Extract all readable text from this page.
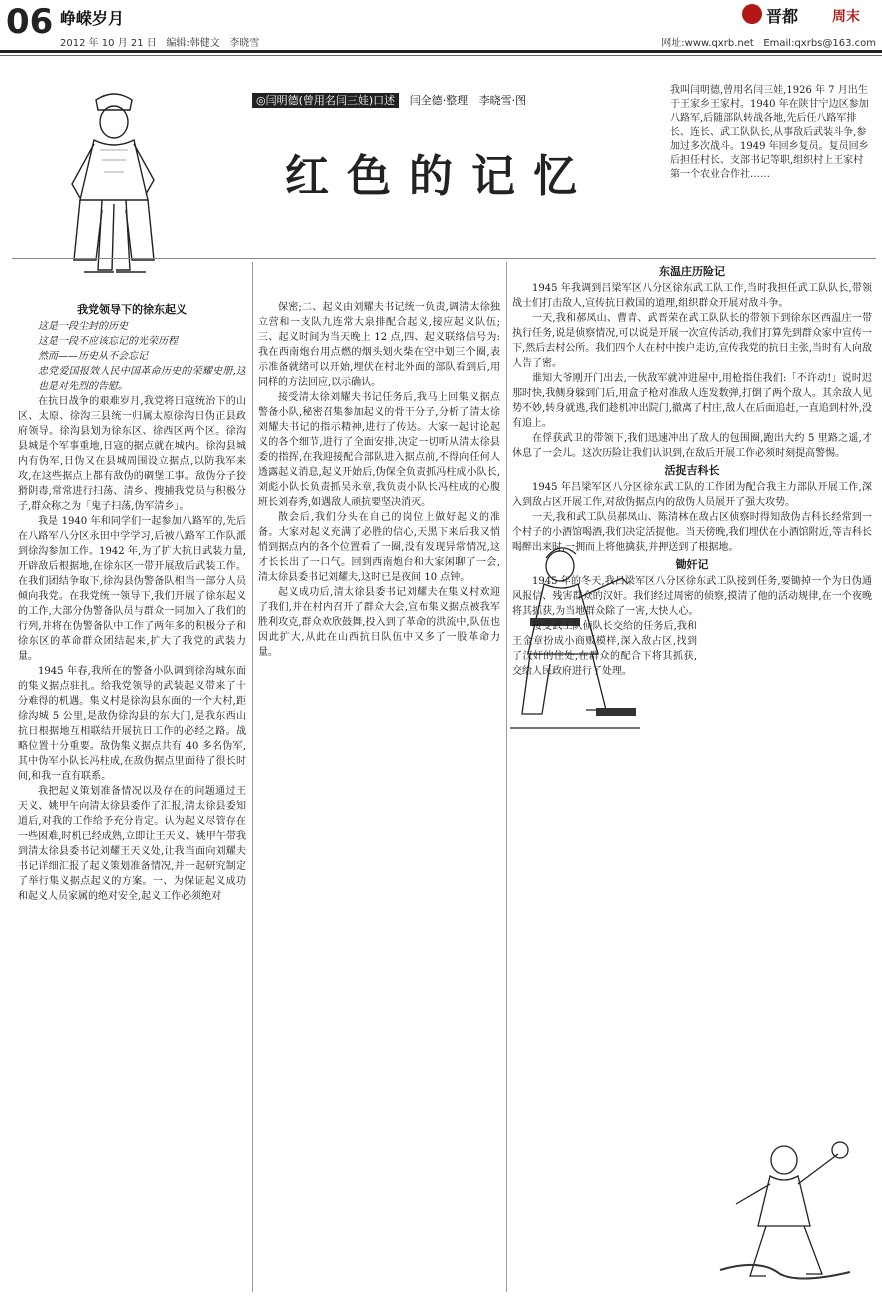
06 峥嵘岁月
2012 年 10 月 21 日 编辑:韩健文 李晓雪
晋都 周末
网址:www.qxrb.net Email:qxrbs@163.com
◎闫明德(曾用名闫三娃)口述 闫全德·整理 李晓雪·图
红色的记忆
我叫闫明德,曾用名闫三娃,1926 年 7 月出生于王家乡王家村。1940 年在陕甘宁边区参加八路军,后随部队转战各地,先后任八路军排长、连长、武工队队长,从事敌后武装斗争,参加过多次战斗。1949 年回乡复员。复员回乡后担任村长、支部书记等职,组织村上王家村第一个农业合作社……

我党领导下的徐东起义

这是一段尘封的历史

这是一段不应该忘记的光荣历程

然而——历史从不会忘记

忠党爱国报效人民中国革命历史的荣耀史册,这也是对先烈的告慰。

在抗日战争的艰难岁月,我党将日寇统治下的山区、太原、徐沟三县统一归属太原徐沟日伪正县政府领导。徐沟县划为徐东区、徐西区两个区。徐沟县城是个军事重地,日寇的据点就在城内。徐沟县城内有伪军,日伪又在县城周围设立据点,以防我军来攻,在这些据点上都有敌伪的碉堡工事。敌伪分子狡猾阴毒,常常进行扫荡、清乡、搜捕我党员与积极分子,群众称之为「鬼子扫荡,伪军清乡」。

我是 1940 年和同学们一起参加八路军的,先后在八路军八分区永田中学学习,后被八路军工作队派到徐沟参加工作。1942 年,为了扩大抗日武装力量,开辟敌后根据地,在徐东区一带开展敌后武装工作。在我们团结争取下,徐沟县伪警备队相当一部分人员倾向我党。在我党统一领导下,我们开展了徐东起义的工作,大部分伪警备队员与群众一同加入了我们的行列,并将在伪警备队中工作了两年多的积极分子和徐东区的革命群众团结起来,扩大了我党的武装力量。

1945 年春,我所在的警备小队调到徐沟城东面的集义据点驻扎。给我党领导的武装起义带来了十分难得的机遇。集义村是徐沟县东面的一个大村,距徐沟城 5 公里,是敌伪徐沟县的东大门,是我东西山抗日根据地互相联结开展抗日工作的必经之路。战略位置十分重要。敌伪集义据点共有 40 多名伪军,其中伪军小队长冯柱成,在敌伪据点里面待了很长时间,和我一直有联系。

我把起义策划准备情况以及存在的问题通过王天义、姚甲午向清太徐县委作了汇报,清太徐县委知道后,对我的工作给予充分肯定。认为起义尽管存在一些困难,时机已经成熟,立即让王天义、姚甲午带我到清太徐县委书记刘耀王天义处,让我当面向刘耀夫书记详细汇报了起义策划准备情况,并一起研究制定了举行集义据点起义的方案。一、为保证起义成功和起义人员家属的绝对安全,起义工作必须绝对

保密;二、起义由刘耀夫书记统一负责,调清太徐独立营和一支队九连常大泉排配合起义,接应起义队伍;三、起义时间为当天晚上 12 点,四、起义联络信号为:我在西南炮台用点燃的烟头划火柴在空中划三个圈,表示准备就绪可以开始,埋伏在村北外面的部队看到后,用同样的方法回应,以示确认。

接受清太徐刘耀夫书记任务后,我马上回集义据点警备小队,秘密召集参加起义的骨干分子,分析了清太徐刘耀夫书记的指示精神,进行了传达。大家一起讨论起义的各个细节,进行了全面安排,决定一切听从清太徐县委的指挥,在我迎接配合部队进入据点前,不得向任何人透露起义消息,起义开始后,伪保全负责抓冯柱成小队长,刘彪小队长负责抓吴永章,我负责小队长冯柱成的心腹班长刘春秀,如遇敌人顽抗要坚决消灭。

散会后,我们分头在自己的岗位上做好起义的准备。大家对起义充满了必胜的信心,天黑下来后我又悄悄到据点内的各个位置看了一圈,没有发现异常情况,这才长长出了一口气。回到西南炮台和大家闲聊了一会,清太徐县委书记刘耀夫,这时已是夜间 10 点钟。

起义成功后,清太徐县委书记刘耀夫在集义村欢迎了我们,并在村内召开了群众大会,宣布集义据点被我军胜利攻克,群众欢欣鼓舞,投入到了革命的洪流中,队伍也因此扩大,从此在山西抗日队伍中又多了一股革命力量。

东温庄历险记

1945 年我调到吕梁军区八分区徐东武工队工作,当时我担任武工队队长,带领战士们打击敌人,宣传抗日救国的道理,组织群众开展对敌斗争。

一天,我和郝凤山、曹青、武晋荣在武工队队长的带领下到徐东区西温庄一带执行任务,说是侦察情况,可以说是开展一次宣传活动,我们打算先到群众家中宣传一下,然后去村公所。我们四个人在村中挨户走访,宣传我党的抗日主张,当时有人向敌人告了密。

谁知大爷刚开门出去,一伙敌军就冲进屋中,用枪指住我们:「不许动!」说时迟那时快,我侧身躲到门后,用盒子枪对准敌人连发数弹,打倒了两个敌人。其余敌人见势不妙,转身就逃,我们趁机冲出院门,撤离了村庄,敌人在后面追赶,一直追到村外,没有追上。

在俘获武卫的带领下,我们迅速冲出了敌人的包围圈,跑出大约 5 里路之遥,才休息了一会儿。这次历险让我们认识到,在敌后开展工作必须时刻提高警惕。

活捉吉科长

1945 年吕梁军区八分区徐东武工队的工作团为配合我主力部队开展工作,深入到敌占区开展工作,对敌伪据点内的敌伪人员展开了强大攻势。

一天,我和武工队员郝凤山、陈清林在敌占区侦察时得知敌伪吉科长经常到一个村子的小酒馆喝酒,我们决定活捉他。当天傍晚,我们埋伏在小酒馆附近,等吉科长喝醉出来时,一拥而上将他擒获,并押送到了根据地。

锄奸记

1945 年的冬天,我吕梁军区八分区徐东武工队接到任务,要锄掉一个为日伪通风报信、残害群众的汉奸。我们经过周密的侦察,摸清了他的活动规律,在一个夜晚将其抓获,为当地群众除了一害,大快人心。

接受武工队侦队长交给的任务后,我和王金章扮成小商贩模样,深入敌占区,找到了汉奸的住处,在群众的配合下将其抓获,交给人民政府进行了处理。
